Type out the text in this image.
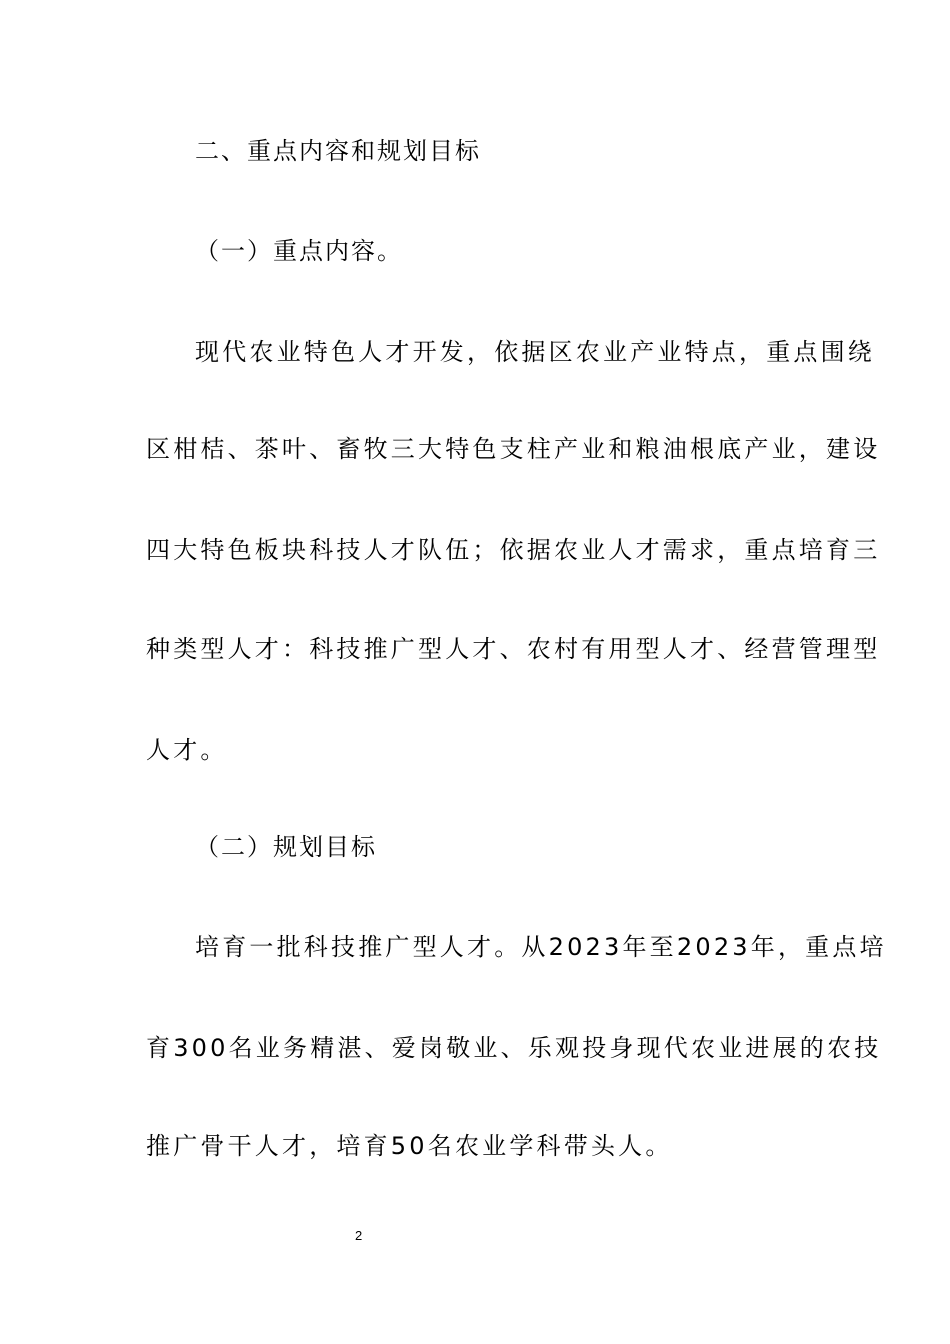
二、重点内容和规划目标
（一）重点内容。
现代农业特色人才开发，依据区农业产业特点，重点围绕
区柑桔、茶叶、畜牧三大特色支柱产业和粮油根底产业，建设
四大特色板块科技人才队伍；依据农业人才需求，重点培育三
种类型人才：科技推广型人才、农村有用型人才、经营管理型
人才。
（二）规划目标
培育一批科技推广型人才。从2023年至2023年，重点培
育300名业务精湛、爱岗敬业、乐观投身现代农业进展的农技
推广骨干人才，培育50名农业学科带头人。
2
